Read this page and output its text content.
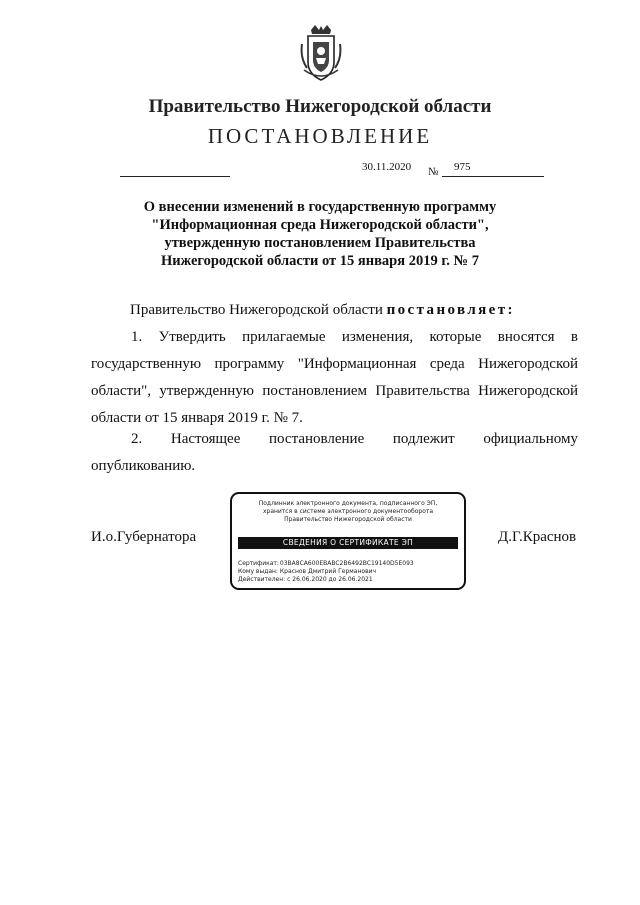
Правительство Нижегородской области
ПОСТАНОВЛЕНИЕ
30.11.2020 № 975
О внесении изменений в государственную программу
"Информационная среда Нижегородской области",
утвержденную постановлением Правительства
Нижегородской области от 15 января 2019 г. № 7
Правительство Нижегородской области постановляет:
1. Утвердить прилагаемые изменения, которые вносятся в государственную программу "Информационная среда Нижегородской области", утвержденную постановлением Правительства Нижегородской области от 15 января 2019 г. № 7.
2. Настоящее постановление подлежит официальному опубликованию.
И.о.Губернатора	Д.Г.Краснов
Подлинник электронного документа, подписанного ЭП,
хранится в системе электронного документооборота
Правительство Нижегородской области
СВЕДЕНИЯ О СЕРТИФИКАТЕ ЭП
Сертификат: 03BA8CA600EBABC2B6492BC19140D5E093
Кому выдан: Краснов Дмитрий Германович
Действителен: с 26.06.2020 до 26.06.2021
